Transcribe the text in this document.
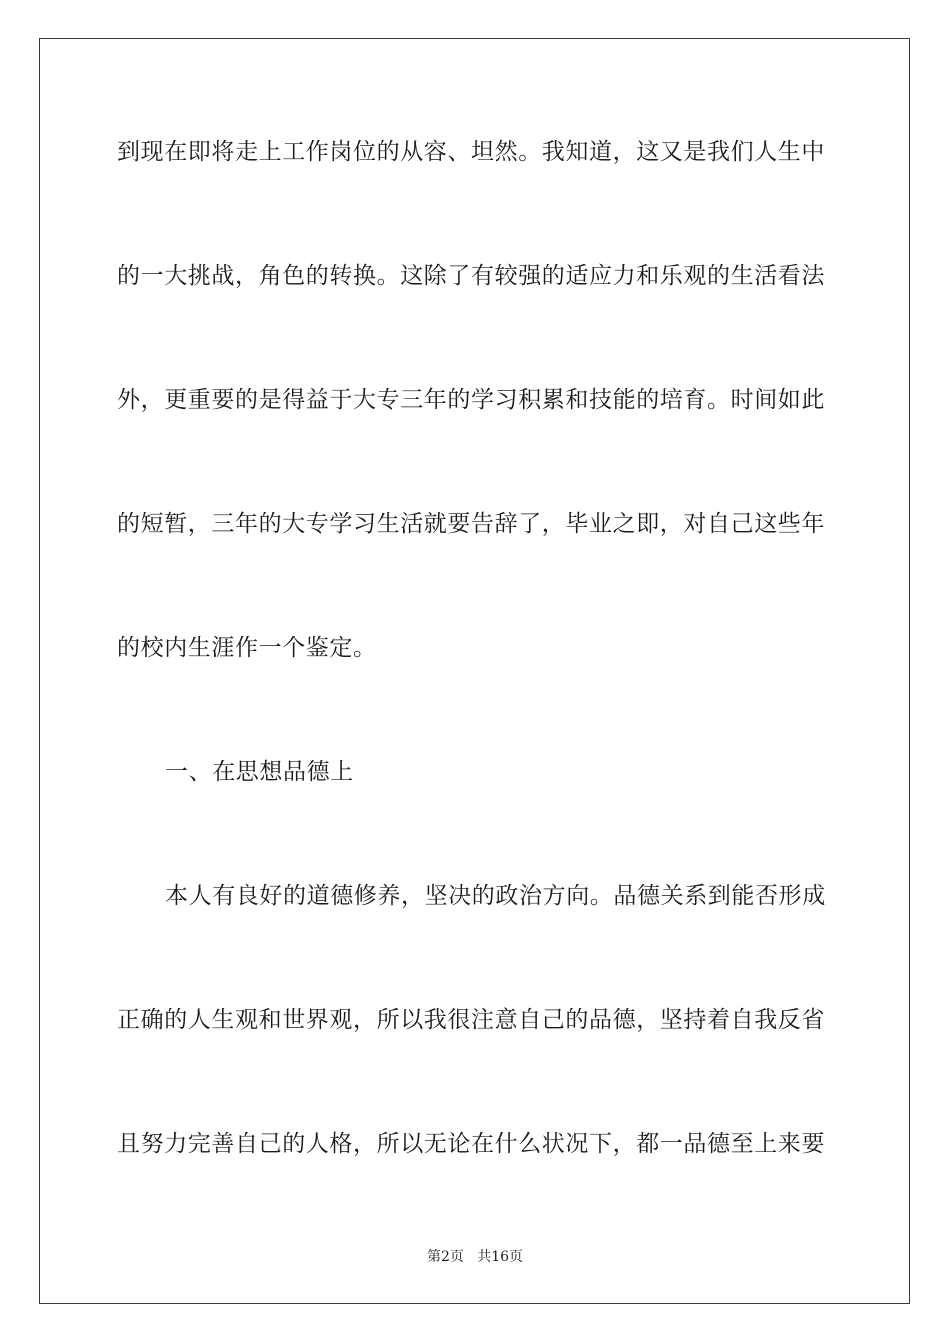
到现在即将走上工作岗位的从容、坦然。我知道，这又是我们人生中
的一大挑战，角色的转换。这除了有较强的适应力和乐观的生活看法
外，更重要的是得益于大专三年的学习积累和技能的培育。时间如此
的短暂，三年的大专学习生活就要告辞了，毕业之即，对自己这些年
的校内生涯作一个鉴定。
一、在思想品德上
本人有良好的道德修养，坚决的政治方向。品德关系到能否形成
正确的人生观和世界观，所以我很注意自己的品德，坚持着自我反省
且努力完善自己的人格，所以无论在什么状况下，都一品德至上来要
第2页   共16页
